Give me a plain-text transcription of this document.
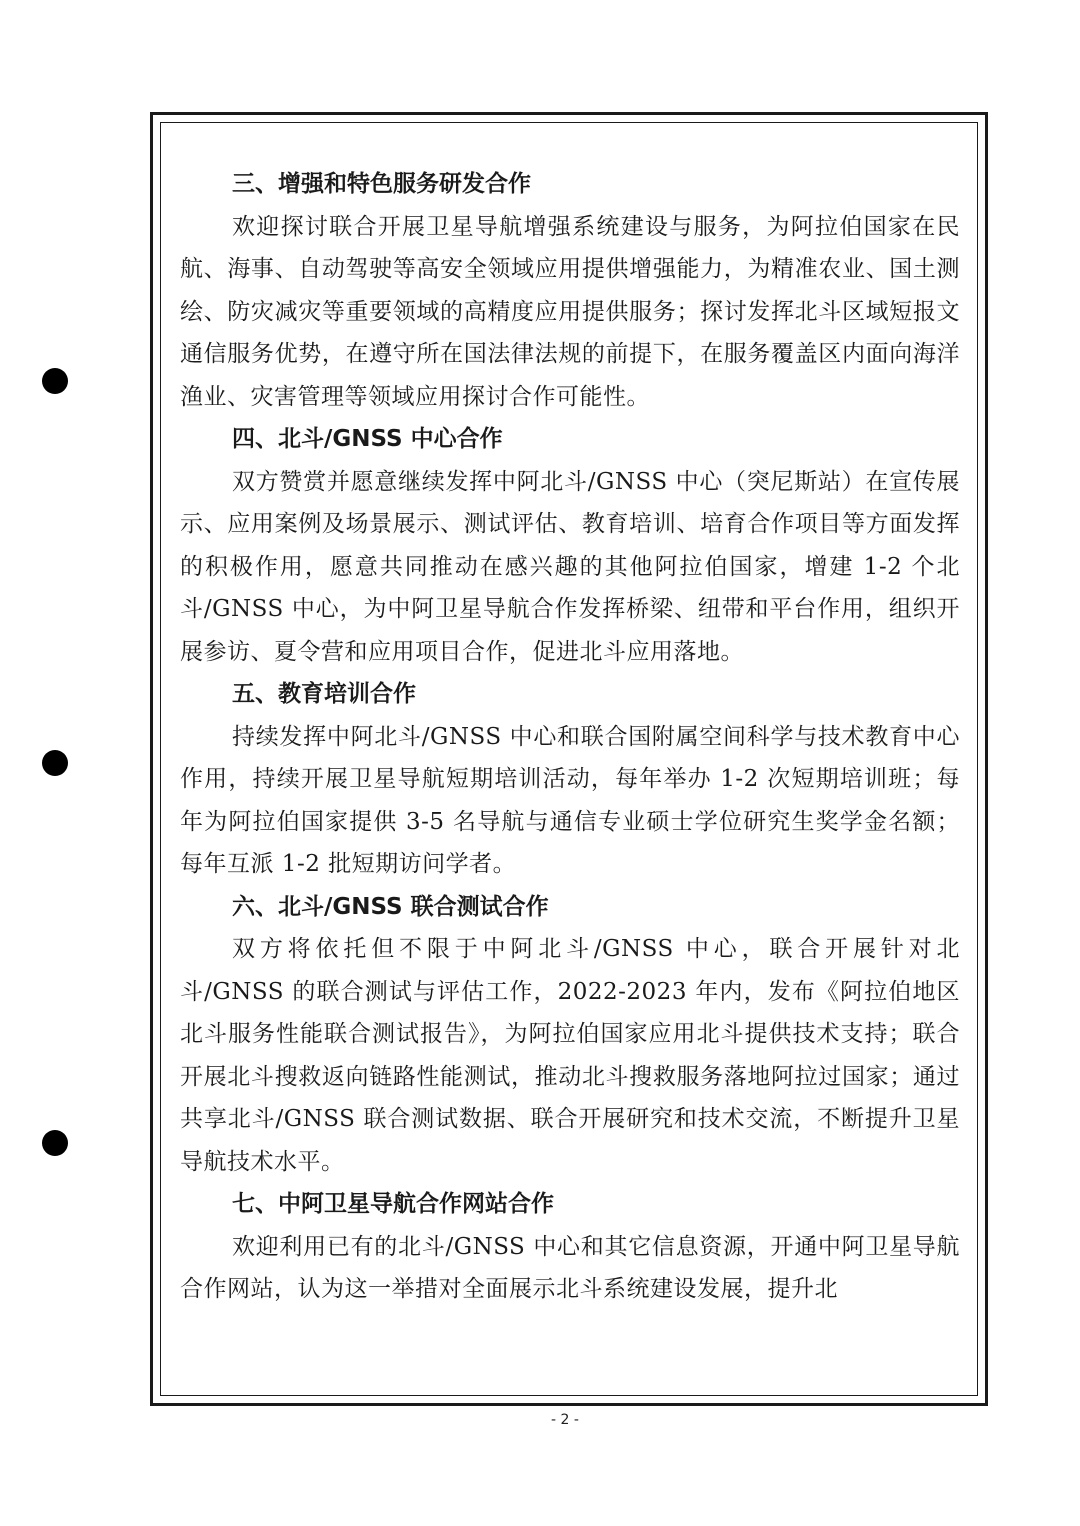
三、增强和特色服务研发合作

欢迎探讨联合开展卫星导航增强系统建设与服务，为阿拉伯国家在民航、海事、自动驾驶等高安全领域应用提供增强能力，为精准农业、国土测绘、防灾减灾等重要领域的高精度应用提供服务；探讨发挥北斗区域短报文通信服务优势，在遵守所在国法律法规的前提下，在服务覆盖区内面向海洋渔业、灾害管理等领域应用探讨合作可能性。

四、北斗/GNSS 中心合作

双方赞赏并愿意继续发挥中阿北斗/GNSS 中心（突尼斯站）在宣传展示、应用案例及场景展示、测试评估、教育培训、培育合作项目等方面发挥的积极作用，愿意共同推动在感兴趣的其他阿拉伯国家，增建 1-2 个北斗/GNSS 中心，为中阿卫星导航合作发挥桥梁、纽带和平台作用，组织开展参访、夏令营和应用项目合作，促进北斗应用落地。

五、教育培训合作

持续发挥中阿北斗/GNSS 中心和联合国附属空间科学与技术教育中心作用，持续开展卫星导航短期培训活动，每年举办 1-2 次短期培训班；每年为阿拉伯国家提供 3-5 名导航与通信专业硕士学位研究生奖学金名额；每年互派 1-2 批短期访问学者。

六、北斗/GNSS 联合测试合作

双方将依托但不限于中阿北斗/GNSS 中心，联合开展针对北斗/GNSS 的联合测试与评估工作，2022-2023 年内，发布《阿拉伯地区北斗服务性能联合测试报告》，为阿拉伯国家应用北斗提供技术支持；联合开展北斗搜救返向链路性能测试，推动北斗搜救服务落地阿拉过国家；通过共享北斗/GNSS 联合测试数据、联合开展研究和技术交流，不断提升卫星导航技术水平。

七、中阿卫星导航合作网站合作

欢迎利用已有的北斗/GNSS 中心和其它信息资源，开通中阿卫星导航合作网站，认为这一举措对全面展示北斗系统建设发展，提升北

- 2 -
